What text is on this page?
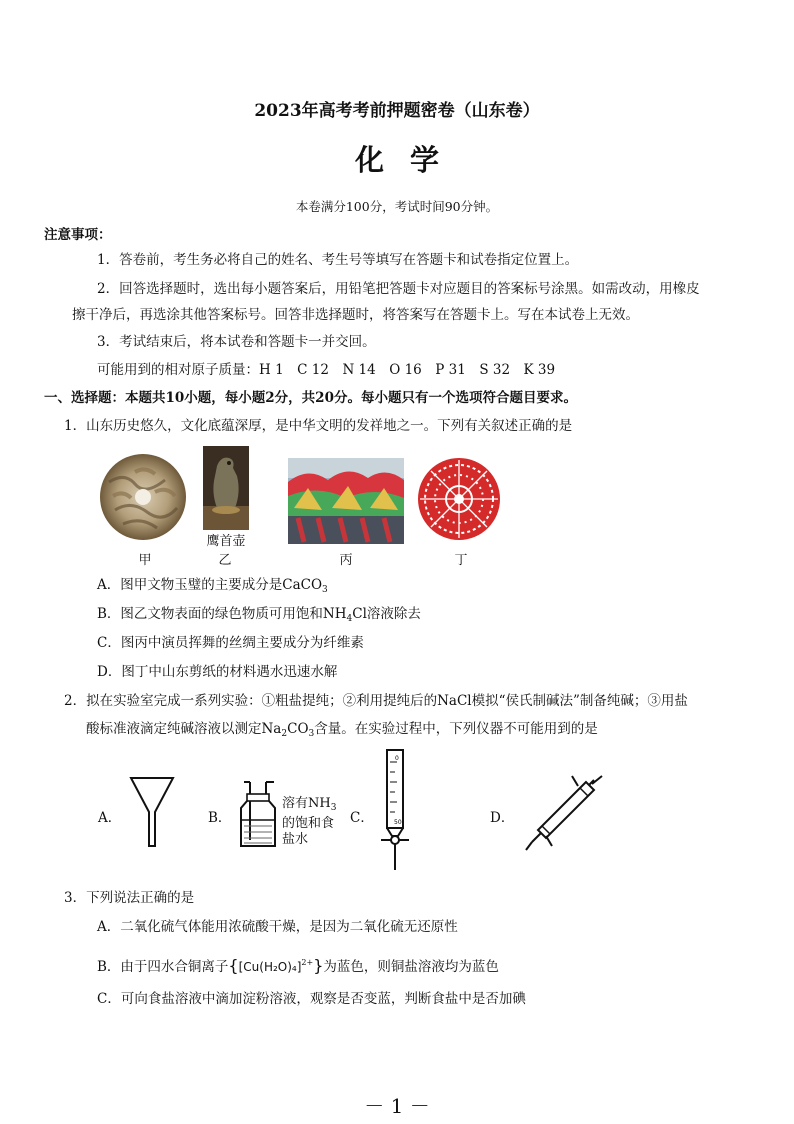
2023年高考考前押题密卷（山东卷）
化学
本卷满分100分，考试时间90分钟。
注意事项：
1．答卷前，考生务必将自己的姓名、考生号等填写在答题卡和试卷指定位置上。
2．回答选择题时，选出每小题答案后，用铅笔把答题卡对应题目的答案标号涂黑。如需改动，用橡皮
擦干净后，再选涂其他答案标号。回答非选择题时，将答案写在答题卡上。写在本试卷上无效。
3．考试结束后，将本试卷和答题卡一并交回。
可能用到的相对原子质量：H 1　C 12　N 14　O 16　P 31　S 32　K 39
一、选择题：本题共10小题，每小题2分，共20分。每小题只有一个选项符合题目要求。
1．山东历史悠久，文化底蕴深厚，是中华文明的发祥地之一。下列有关叙述正确的是
鹰首壶
甲	乙	丙	丁
A．图甲文物玉璧的主要成分是CaCO$_3$
B．图乙文物表面的绿色物质可用饱和$NH_4Cl$溶液除去
C．图丙中演员挥舞的丝绸主要成分为纤维素
D．图丁中山东剪纸的材料遇水迅速水解
2．拟在实验室完成一系列实验：①粗盐提纯；②利用提纯后的NaCl模拟“侯氏制碱法”制备纯碱；③用盐
酸标准液滴定纯碱溶液以测定$Na_2CO_3$含量。在实验过程中，下列仪器不可能用到的是
A．	B．
溶有$NH_3$
的饱和食
盐水
C．
0
50	D．
3．下列说法正确的是
A．二氧化硫气体能用浓硫酸干燥，是因为二氧化硫无还原性
B．由于四水合铜离子$\{[Cu(H_2O)_4]^{2+}\}$为蓝色，则铜盐溶液均为蓝色
C．可向食盐溶液中滴加淀粉溶液，观察是否变蓝，判断食盐中是否加碘
－ 1 －
